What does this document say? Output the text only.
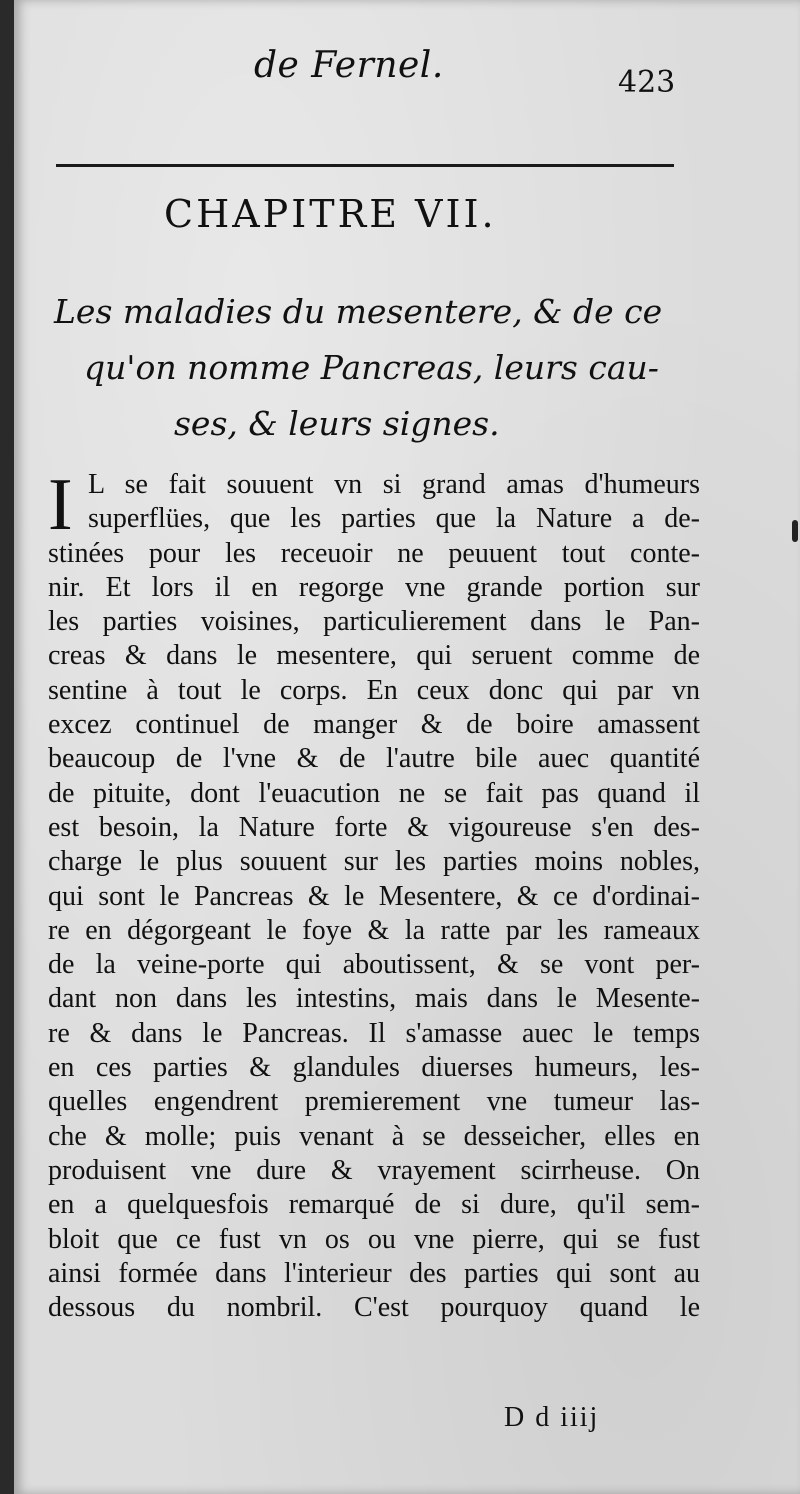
de Fernel.	423
CHAPITRE VII.
Les maladies du mesentere, & de ce
qu'on nomme Pancreas, leurs cau-
ses, & leurs signes.
I L se fait souuent vn si grand amas d'humeurs
superflües, que les parties que la Nature a de-
stinées pour les receuoir ne peuuent tout conte-
nir. Et lors il en regorge vne grande portion sur
les parties voisines, particulierement dans le Pan-
creas & dans le mesentere, qui seruent comme de
sentine à tout le corps. En ceux donc qui par vn
excez continuel de manger & de boire amassent
beaucoup de l'vne & de l'autre bile auec quantité
de pituite, dont l'euacution ne se fait pas quand il
est besoin, la Nature forte & vigoureuse s'en des-
charge le plus souuent sur les parties moins nobles,
qui sont le Pancreas & le Mesentere, & ce d'ordinai-
re en dégorgeant le foye & la ratte par les rameaux
de la veine-porte qui aboutissent, & se vont per-
dant non dans les intestins, mais dans le Mesente-
re & dans le Pancreas. Il s'amasse auec le temps
en ces parties & glandules diuerses humeurs, les-
quelles engendrent premierement vne tumeur las-
che & molle; puis venant à se desseicher, elles en
produisent vne dure & vrayement scirrheuse. On
en a quelquesfois remarqué de si dure, qu'il sem-
bloit que ce fust vn os ou vne pierre, qui se fust
ainsi formée dans l'interieur des parties qui sont au
dessous du nombril. C'est pourquoy quand le
D d iiij
